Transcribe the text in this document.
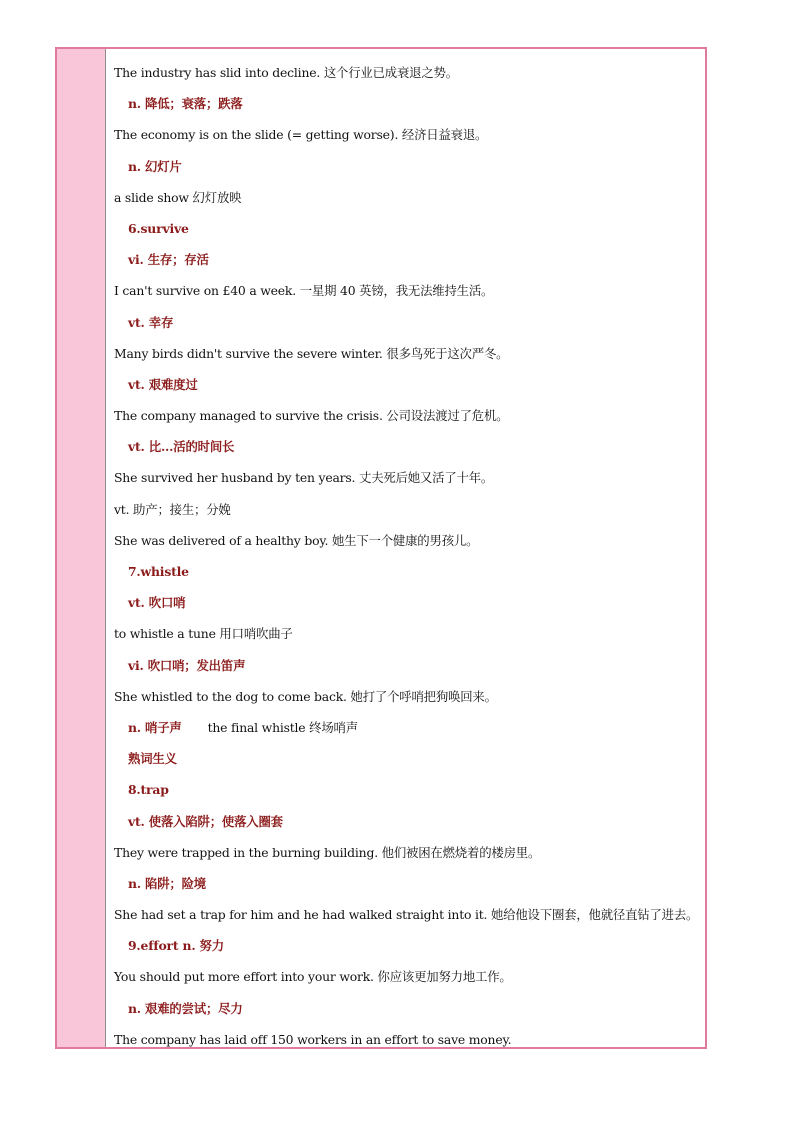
The industry has slid into decline. 这个行业已成衰退之势。
n. 降低；衰落；跌落
The economy is on the slide (= getting worse). 经济日益衰退。
n. 幻灯片
a slide show 幻灯放映
6.survive
vi. 生存；存活
I can't survive on £40 a week. 一星期 40 英镑，我无法维持生活。
vt. 幸存
Many birds didn't survive the severe winter. 很多鸟死于这次严冬。
vt. 艰难度过
The company managed to survive the crisis. 公司设法渡过了危机。
vt. 比...活的时间长
She survived her husband by ten years. 丈夫死后她又活了十年。
vt. 助产；接生；分娩
She was delivered of a healthy boy. 她生下一个健康的男孩儿。
7.whistle
vt. 吹口哨
to whistle a tune 用口哨吹曲子
vi. 吹口哨；发出笛声
She whistled to the dog to come back. 她打了个呼哨把狗唤回来。
n. 哨子声 the final whistle 终场哨声
熟词生义
8.trap
vt. 使落入陷阱；使落入圈套
They were trapped in the burning building. 他们被困在燃烧着的楼房里。
n. 陷阱；险境
She had set a trap for him and he had walked straight into it. 她给他设下圈套，他就径直钻了进去。
9.effort n. 努力
You should put more effort into your work. 你应该更加努力地工作。
n. 艰难的尝试；尽力
The company has laid off 150 workers in an effort to save money.
